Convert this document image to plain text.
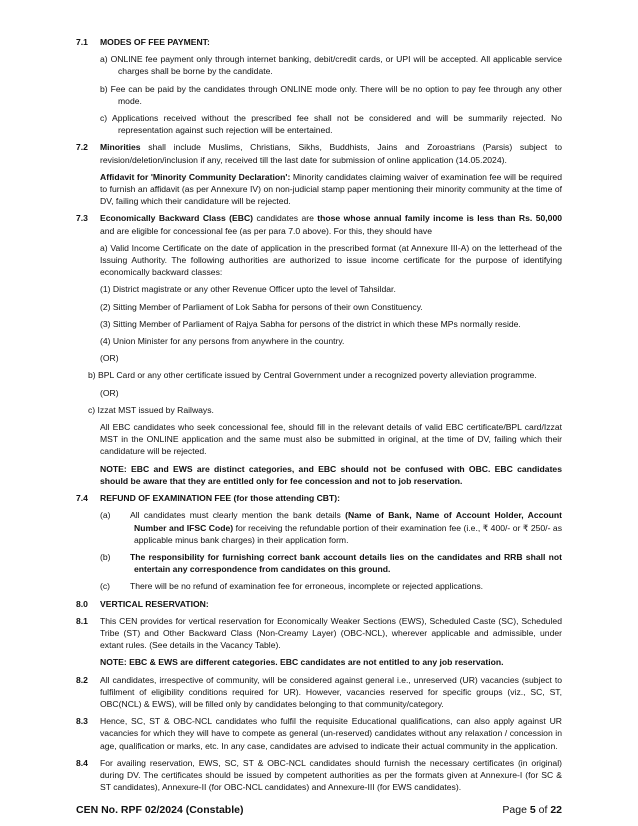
7.1 MODES OF FEE PAYMENT:

a) ONLINE fee payment only through internet banking, debit/credit cards, or UPI will be accepted. All applicable service charges shall be borne by the candidate.
b) Fee can be paid by the candidates through ONLINE mode only. There will be no option to pay fee through any other mode.
c) Applications received without the prescribed fee shall not be considered and will be summarily rejected. No representation against such rejection will be entertained.
7.2 Minorities shall include Muslims, Christians, Sikhs, Buddhists, Jains and Zoroastrians (Parsis) subject to revision/deletion/inclusion if any, received till the last date for submission of online application (14.05.2024).

Affidavit for 'Minority Community Declaration': Minority candidates claiming waiver of examination fee will be required to furnish an affidavit (as per Annexure IV) on non-judicial stamp paper mentioning their minority community at the time of DV, failing which their candidature will be rejected.

7.3 Economically Backward Class (EBC) candidates are those whose annual family income is less than Rs. 50,000 and are eligible for concessional fee (as per para 7.0 above). For this, they should have

a) Valid Income Certificate on the date of application in the prescribed format (at Annexure III-A) on the letterhead of the Issuing Authority. The following authorities are authorized to issue income certificate for the purpose of identifying economically backward classes:

(1) District magistrate or any other Revenue Officer upto the level of Tahsildar.

(2) Sitting Member of Parliament of Lok Sabha for persons of their own Constituency.

(3) Sitting Member of Parliament of Rajya Sabha for persons of the district in which these MPs normally reside.

(4) Union Minister for any persons from anywhere in the country.

(OR)

b) BPL Card or any other certificate issued by Central Government under a recognized poverty alleviation programme.

(OR)

c) Izzat MST issued by Railways.

All EBC candidates who seek concessional fee, should fill in the relevant details of valid EBC certificate/BPL card/Izzat MST in the ONLINE application and the same must also be submitted in original, at the time of DV, failing which their candidature will be rejected.

NOTE: EBC and EWS are distinct categories, and EBC should not be confused with OBC. EBC candidates should be aware that they are entitled only for fee concession and not to job reservation.

7.4 REFUND OF EXAMINATION FEE (for those attending CBT):

(a) All candidates must clearly mention the bank details (Name of Bank, Name of Account Holder, Account Number and IFSC Code) for receiving the refundable portion of their examination fee (i.e., ₹ 400/- or ₹ 250/- as applicable minus bank charges) in their application form.
(b) The responsibility for furnishing correct bank account details lies on the candidates and RRB shall not entertain any correspondence from candidates on this ground.
(c) There will be no refund of examination fee for erroneous, incomplete or rejected applications.
8.0 VERTICAL RESERVATION:

8.1 This CEN provides for vertical reservation for Economically Weaker Sections (EWS), Scheduled Caste (SC), Scheduled Tribe (ST) and Other Backward Class (Non-Creamy Layer) (OBC-NCL), wherever applicable and admissible, under extant rules. (See details in the Vacancy Table).

NOTE: EBC & EWS are different categories. EBC candidates are not entitled to any job reservation.

8.2 All candidates, irrespective of community, will be considered against general i.e., unreserved (UR) vacancies (subject to fulfilment of eligibility conditions required for UR). However, vacancies reserved for specific groups (viz., SC, ST, OBC(NCL) & EWS), will be filled only by candidates belonging to that community/category.

8.3 Hence, SC, ST & OBC-NCL candidates who fulfil the requisite Educational qualifications, can also apply against UR vacancies for which they will have to compete as general (un-reserved) candidates without any relaxation / concession in age, qualification or marks, etc. In any case, candidates are advised to indicate their actual community in the application.

8.4 For availing reservation, EWS, SC, ST & OBC-NCL candidates should furnish the necessary certificates (in original) during DV. The certificates should be issued by competent authorities as per the formats given at Annexure-I (for SC & ST candidates), Annexure-II (for OBC-NCL candidates) and Annexure-III (for EWS candidates).

CEN No. RPF 02/2024 (Constable)	Page 5 of 22
